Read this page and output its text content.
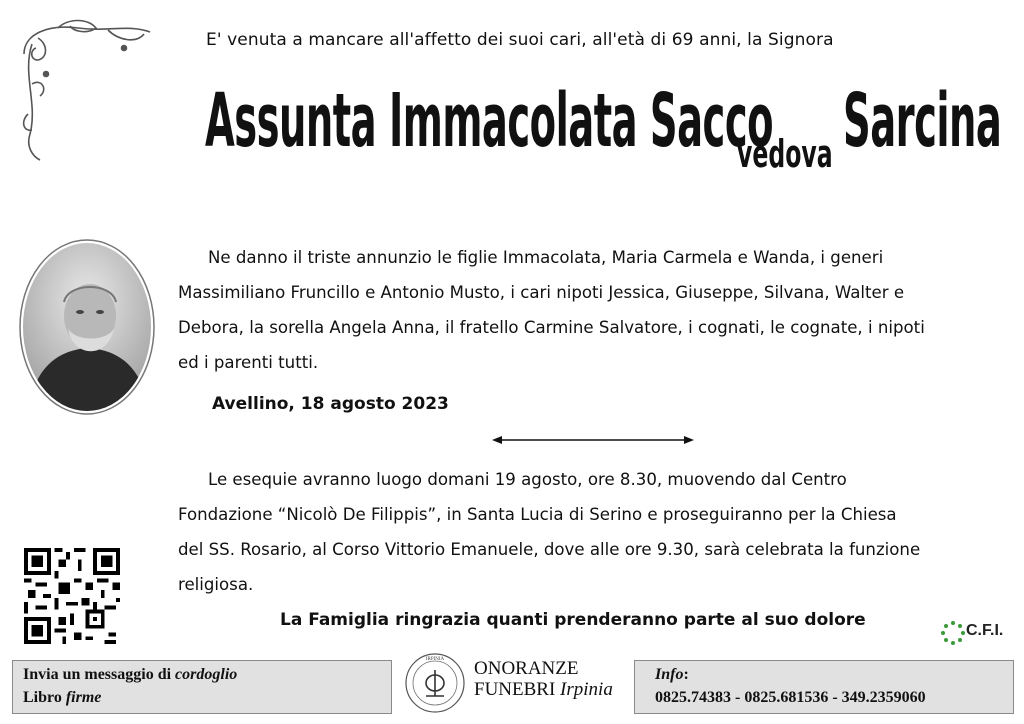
E' venuta a mancare all'affetto dei suoi cari, all'età di 69 anni, la Signora
Assunta Immacolata Sacco
vedova Sarcina
Ne danno il triste annunzio le figlie Immacolata, Maria Carmela e Wanda, i generi
Massimiliano Fruncillo e Antonio Musto, i cari nipoti Jessica, Giuseppe, Silvana, Walter e
Debora, la sorella Angela Anna, il fratello Carmine Salvatore, i cognati, le cognate, i nipoti
ed i parenti tutti.
Avellino, 18 agosto 2023
Le esequie avranno luogo domani 19 agosto, ore 8.30, muovendo dal Centro
Fondazione “Nicolò De Filippis”, in Santa Lucia di Serino e proseguiranno per la Chiesa
del SS. Rosario, al Corso Vittorio Emanuele, dove alle ore 9.30, sarà celebrata la funzione
religiosa.
La Famiglia ringrazia quanti prenderanno parte al suo dolore
C.F.I.
Invia un messaggio di cordoglio
Libro firme
IRPINIA ONORANZE
FUNEBRI Irpinia
Info:
0825.74383 - 0825.681536 - 349.2359060
